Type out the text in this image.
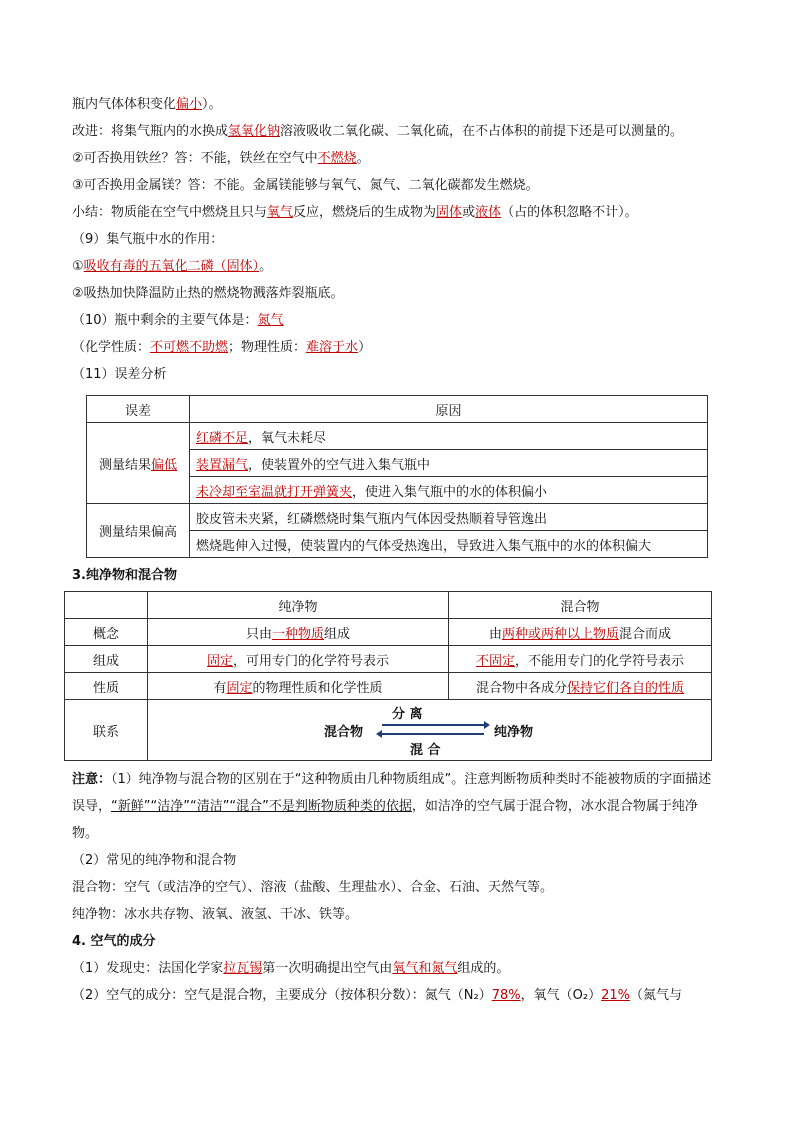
瓶内气体体积变化偏小）。
改进：将集气瓶内的水换成氢氧化钠溶液吸收二氧化碳、二氧化硫，在不占体积的前提下还是可以测量的。
②可否换用铁丝？答：不能，铁丝在空气中不燃烧。
③可否换用金属镁？答：不能。金属镁能够与氧气、氮气、二氧化碳都发生燃烧。
小结：物质能在空气中燃烧且只与氧气反应，燃烧后的生成物为固体或液体（占的体积忽略不计）。
（9）集气瓶中水的作用：
①吸收有毒的五氧化二磷（固体）。
②吸热加快降温防止热的燃烧物溅落炸裂瓶底。
（10）瓶中剩余的主要气体是：氮气
（化学性质：不可燃不助燃；物理性质：难溶于水）
（11）误差分析
误差	原因
测量结果偏低	红磷不足，氧气未耗尽
	装置漏气，使装置外的空气进入集气瓶中
	未冷却至室温就打开弹簧夹，使进入集气瓶中的水的体积偏小
测量结果偏高	胶皮管未夹紧，红磷燃烧时集气瓶内气体因受热顺着导管逸出
	燃烧匙伸入过慢，使装置内的气体受热逸出，导致进入集气瓶中的水的体积偏大
3.纯净物和混合物
	纯净物	混合物
概念	只由一种物质组成	由两种或两种以上物质混合而成
组成	固定，可用专门的化学符号表示	不固定，不能用专门的化学符号表示
性质	有固定的物理性质和化学性质	混合物中各成分保持它们各自的性质
联系	混合物
分 离
纯净物
混 合	
注意：（1）纯净物与混合物的区别在于“这种物质由几种物质组成”。注意判断物质种类时不能被物质的字面描述误导，“新鲜”“洁净”“清洁”“混合”不是判断物质种类的依据，如洁净的空气属于混合物，冰水混合物属于纯净物。
（2）常见的纯净物和混合物
混合物：空气（或洁净的空气）、溶液（盐酸、生理盐水）、合金、石油、天然气等。
纯净物：冰水共存物、液氧、液氢、干冰、铁等。
4. 空气的成分
（1）发现史：法国化学家拉瓦锡第一次明确提出空气由氧气和氮气组成的。
（2）空气的成分：空气是混合物，主要成分（按体积分数）：氮气（N₂）78%，氧气（O₂）21%（氮气与
